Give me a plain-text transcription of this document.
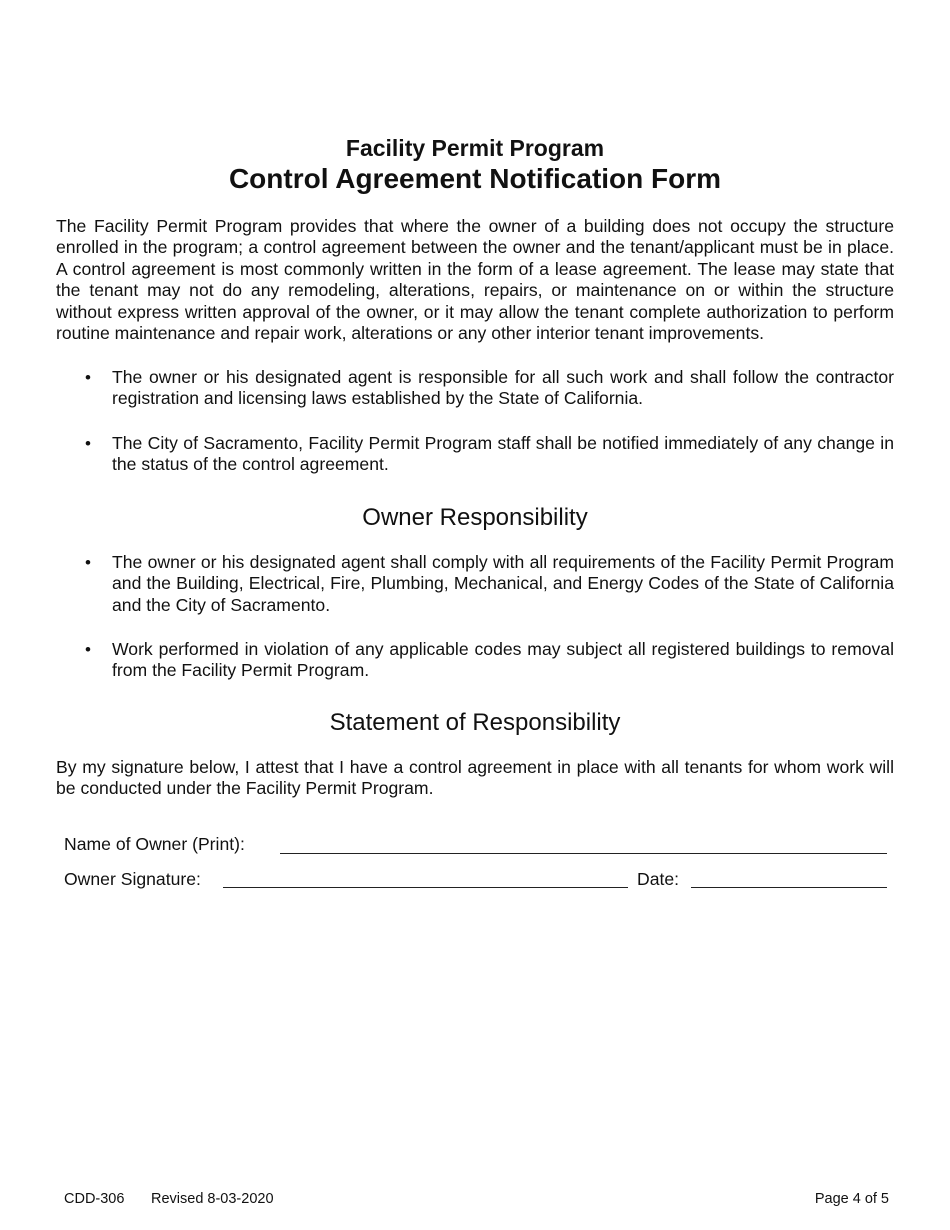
Facility Permit Program
Control Agreement Notification Form

The Facility Permit Program provides that where the owner of a building does not occupy the structure enrolled in the program; a control agreement between the owner and the tenant/applicant must be in place. A control agreement is most commonly written in the form of a lease agreement. The lease may state that the tenant may not do any remodeling, alterations, repairs, or maintenance on or within the structure without express written approval of the owner, or it may allow the tenant complete authorization to perform routine maintenance and repair work, alterations or any other interior tenant improvements.

• The owner or his designated agent is responsible for all such work and shall follow the contractor registration and licensing laws established by the State of California.

• The City of Sacramento, Facility Permit Program staff shall be notified immediately of any change in the status of the control agreement.

Owner Responsibility

• The owner or his designated agent shall comply with all requirements of the Facility Permit Program and the Building, Electrical, Fire, Plumbing, Mechanical, and Energy Codes of the State of California and the City of Sacramento.

• Work performed in violation of any applicable codes may subject all registered buildings to removal from the Facility Permit Program.

Statement of Responsibility

By my signature below, I attest that I have a control agreement in place with all tenants for whom work will be conducted under the Facility Permit Program.

Name of Owner (Print):
Owner Signature:	Date:
CDD-306 Revised 8-03-2020	Page 4 of 5
